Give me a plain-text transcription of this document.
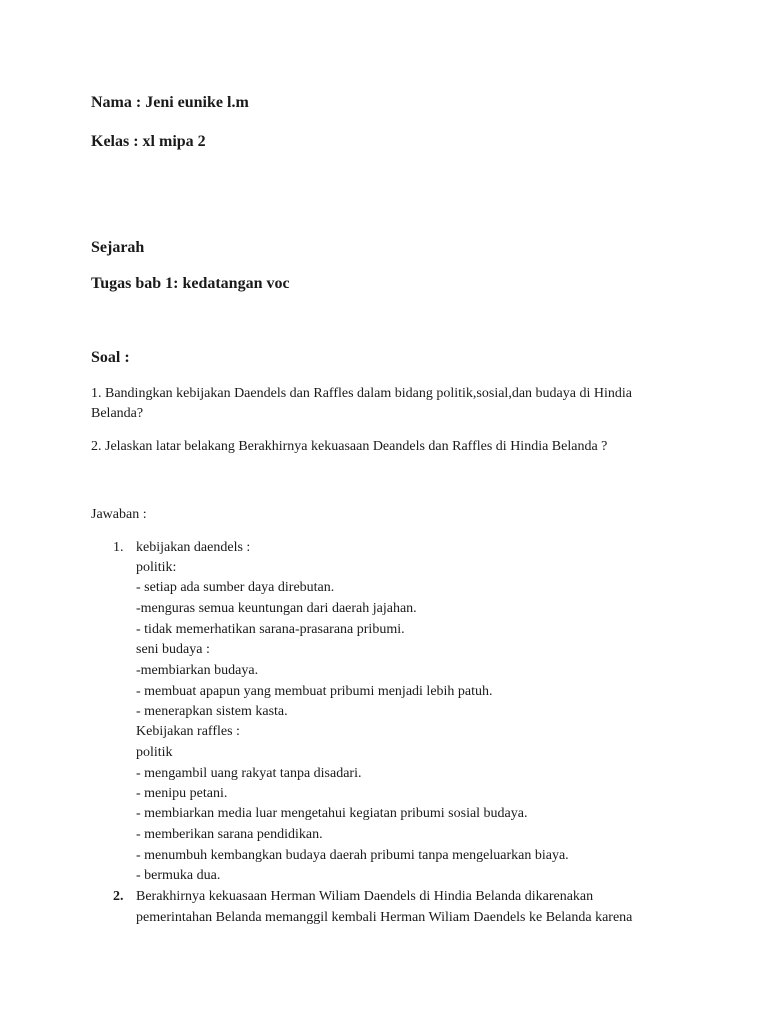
Nama : Jeni eunike l.m
Kelas : xl mipa 2
Sejarah
Tugas bab 1: kedatangan voc
Soal :
1. Bandingkan kebijakan Daendels dan Raffles dalam bidang politik,sosial,dan budaya di Hindia
Belanda?
2. Jelaskan latar belakang Berakhirnya kekuasaan Deandels dan Raffles di Hindia Belanda ?
Jawaban :
1. kebijakan daendels :
politik:
- setiap ada sumber daya direbutan.
-menguras semua keuntungan dari daerah jajahan.
- tidak memerhatikan sarana-prasarana pribumi.
seni budaya :
-membiarkan budaya.
- membuat apapun yang membuat pribumi menjadi lebih patuh.
- menerapkan sistem kasta.
Kebijakan raffles :
politik
- mengambil uang rakyat tanpa disadari.
- menipu petani.
- membiarkan media luar mengetahui kegiatan pribumi sosial budaya.
- memberikan sarana pendidikan.
- menumbuh kembangkan budaya daerah pribumi tanpa mengeluarkan biaya.
- bermuka dua.
2. Berakhirnya kekuasaan Herman Wiliam Daendels di Hindia Belanda dikarenakan
pemerintahan Belanda memanggil kembali Herman Wiliam Daendels ke Belanda karena
